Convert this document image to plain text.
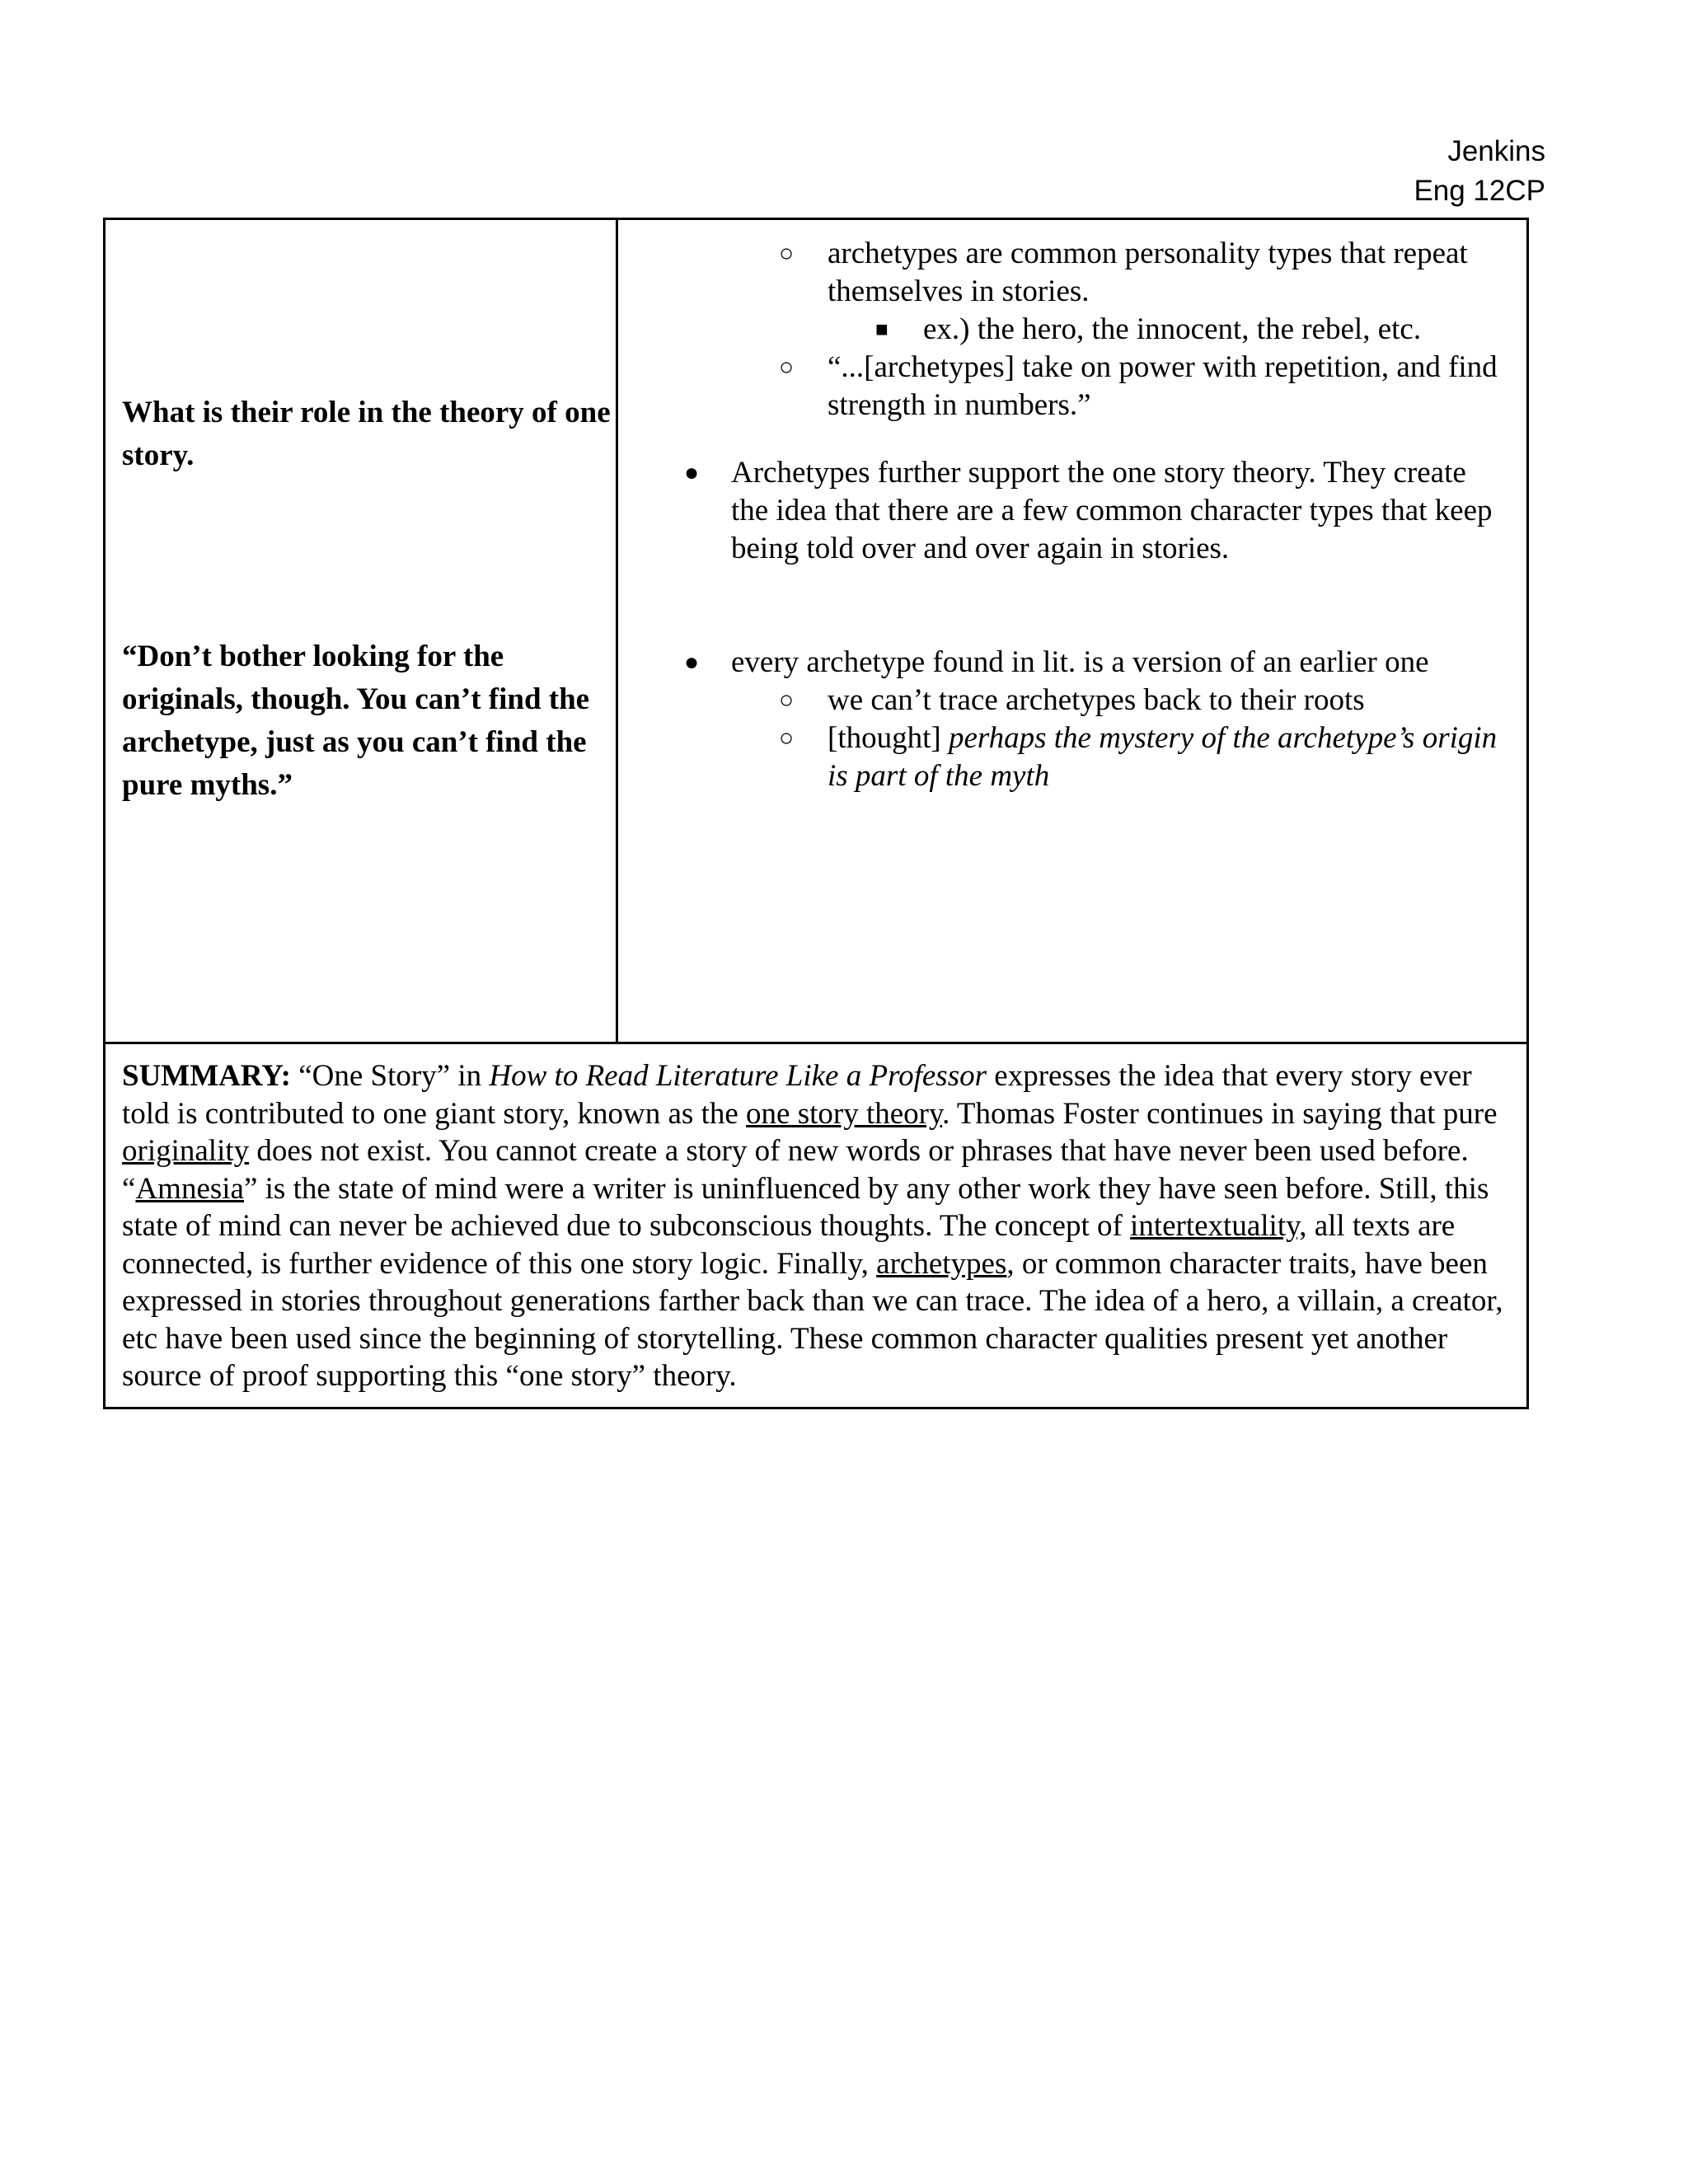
Jenkins
Eng 12CP
What is their role in the theory of one story.
“Don’t bother looking for the originals, though. You can’t find the archetype, just as you can’t find the pure myths.”
○ archetypes are common personality types that repeat themselves in stories.
■ ex.) the hero, the innocent, the rebel, etc.
○ “...[archetypes] take on power with repetition, and find strength in numbers.”
● Archetypes further support the one story theory. They create the idea that there are a few common character types that keep being told over and over again in stories.
● every archetype found in lit. is a version of an earlier one
○ we can’t trace archetypes back to their roots
○ [thought] perhaps the mystery of the archetype’s origin is part of the myth
SUMMARY: “One Story” in How to Read Literature Like a Professor expresses the idea that every story ever told is contributed to one giant story, known as the one story theory. Thomas Foster continues in saying that pure originality does not exist. You cannot create a story of new words or phrases that have never been used before. “Amnesia” is the state of mind were a writer is uninfluenced by any other work they have seen before. Still, this state of mind can never be achieved due to subconscious thoughts. The concept of intertextuality, all texts are connected, is further evidence of this one story logic. Finally, archetypes, or common character traits, have been expressed in stories throughout generations farther back than we can trace. The idea of a hero, a villain, a creator, etc have been used since the beginning of storytelling. These common character qualities present yet another source of proof supporting this “one story” theory.
